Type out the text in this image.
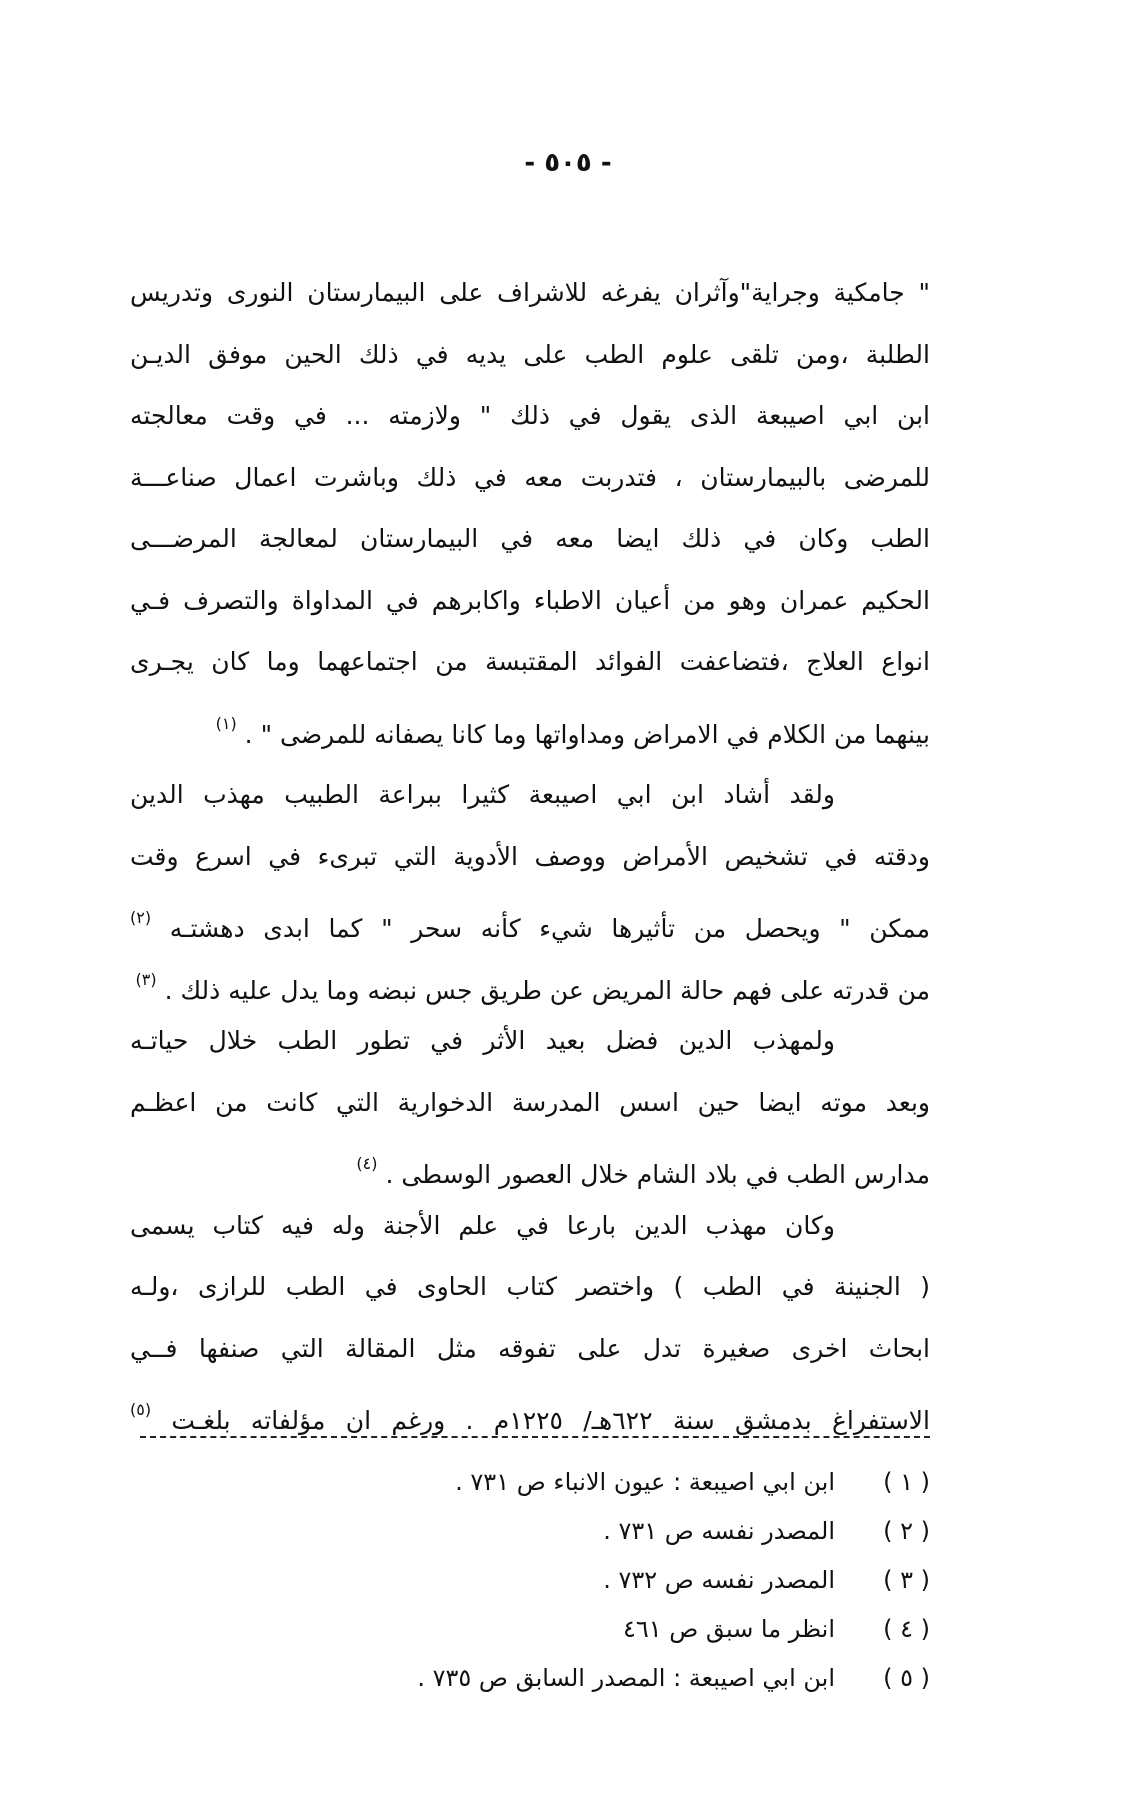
- ٥٠٥ -
" جامكية وجراية"وآثران يفرغه للاشراف على البيمارستان النورى وتدريس
الطلبة ،ومن تلقى علوم الطب على يديه في ذلك الحين موفق الديـن
ابن ابي اصيبعة الذى يقول في ذلك " ولازمته ... في وقت معالجته
للمرضى بالبيمارستان ، فتدربت معه في ذلك وباشرت اعمال صناعـــة
الطب وكان في ذلك ايضا معه في البيمارستان لمعالجة المرضـــى
الحكيم عمران وهو من أعيان الاطباء واكابرهم في المداواة والتصرف فـي
انواع العلاج ،فتضاعفت الفوائد المقتبسة من اجتماعهما وما كان يجـرى
بينهما من الكلام في الامراض ومداواتها وما كانا يصفانه للمرضى " . $^{(١)}$
ولقد أشاد ابن ابي اصيبعة كثيرا ببراعة الطبيب مهذب الدين
ودقته في تشخيص الأمراض ووصف الأدوية التي تبرىء في اسرع وقت
ممكن " ويحصل من تأثيرها شيء كأنه سحر " كما ابدى دهشتـه $^{(٢)}$
من قدرته على فهم حالة المريض عن طريق جس نبضه وما يدل عليه ذلك . $^{(٣)}$
ولمهذب الدين فضل بعيد الأثر في تطور الطب خلال حياتـه
وبعد موته ايضا حين اسس المدرسة الدخوارية التي كانت من اعظـم
مدارس الطب في بلاد الشام خلال العصور الوسطى . $^{(٤)}$
وكان مهذب الدين بارعا في علم الأجنة وله فيه كتاب يسمى
( الجنينة في الطب ) واختصر كتاب الحاوى في الطب للرازى ،ولـه
ابحاث اخرى صغيرة تدل على تفوقه مثل المقالة التي صنفها فــي
الاستفراغ بدمشق سنة ٦٢٢هـ/ ١٢٢٥م . ورغم ان مؤلفاته بلغـت $^{(٥)}$
( ١ )
ابن ابي اصيبعة : عيون الانباء ص ٧٣١ .
( ٢ )
المصدر نفسه ص ٧٣١ .
( ٣ )
المصدر نفسه ص ٧٣٢ .
( ٤ )
انظر ما سبق ص ٤٦١
( ٥ )
ابن ابي اصيبعة : المصدر السابق ص ٧٣٥ .
